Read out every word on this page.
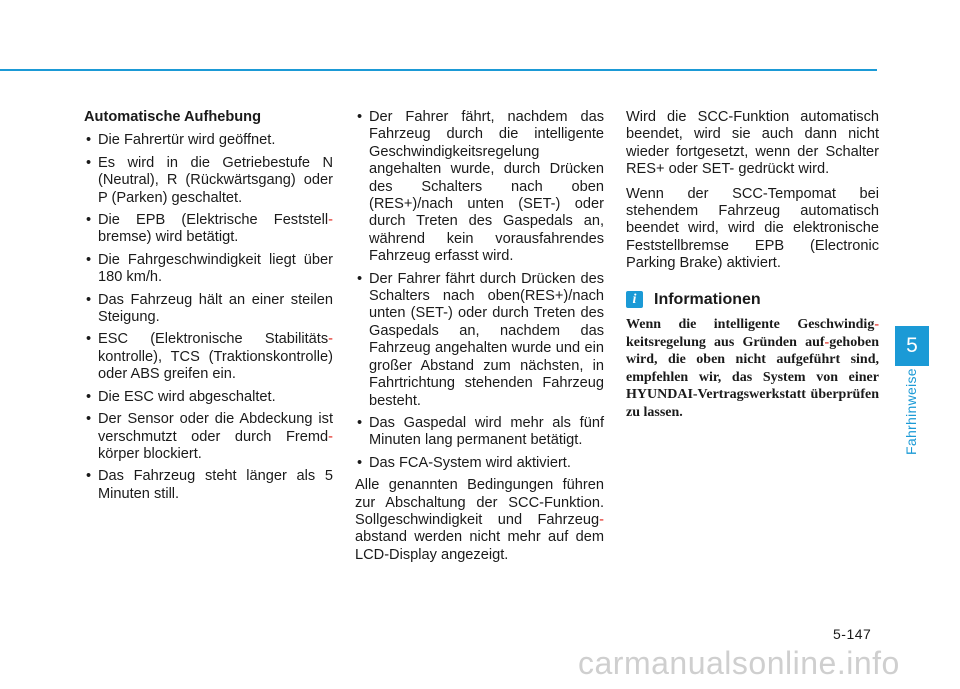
Automatische Aufhebung
• Die Fahrertür wird geöffnet.
• Es wird in die Getriebestufe N (Neutral), R (Rückwärtsgang) oder P (Parken) geschaltet.
• Die EPB (Elektrische Feststell-bremse) wird betätigt.
• Die Fahrgeschwindigkeit liegt über 180 km/h.
• Das Fahrzeug hält an einer steilen Steigung.
• ESC (Elektronische Stabilitäts-kontrolle), TCS (Traktionskontrolle) oder ABS greifen ein.
• Die ESC wird abgeschaltet.
• Der Sensor oder die Abdeckung ist verschmutzt oder durch Fremd-körper blockiert.
• Das Fahrzeug steht länger als 5 Minuten still.
• Der Fahrer fährt, nachdem das Fahrzeug durch die intelligente Geschwindigkeitsregelung angehalten wurde, durch Drücken des Schalters nach oben (RES+)/nach unten (SET-) oder durch Treten des Gaspedals an, während kein vorausfahrendes Fahrzeug erfasst wird.
• Der Fahrer fährt durch Drücken des Schalters nach oben(RES+)/nach unten (SET-) oder durch Treten des Gaspedals an, nachdem das Fahrzeug angehalten wurde und ein großer Abstand zum nächsten, in Fahrtrichtung stehenden Fahrzeug besteht.
• Das Gaspedal wird mehr als fünf Minuten lang permanent betätigt.
• Das FCA-System wird aktiviert.

Alle genannten Bedingungen führen zur Abschaltung der SCC-Funktion. Sollgeschwindigkeit und Fahrzeug-abstand werden nicht mehr auf dem LCD-Display angezeigt.

Wird die SCC-Funktion automatisch beendet, wird sie auch dann nicht wieder fortgesetzt, wenn der Schalter RES+ oder SET- gedrückt wird.

Wenn der SCC-Tempomat bei stehendem Fahrzeug automatisch beendet wird, wird die elektronische Feststellbremse EPB (Electronic Parking Brake) aktiviert.

i	Informationen

Wenn die intelligente Geschwindig-keitsregelung aus Gründen auf-gehoben wird, die oben nicht aufgeführt sind, empfehlen wir, das System von einer HYUNDAI-Vertragswerkstatt überprüfen zu lassen.

5
Fahrhinweise
5-147
carmanualsonline.info
